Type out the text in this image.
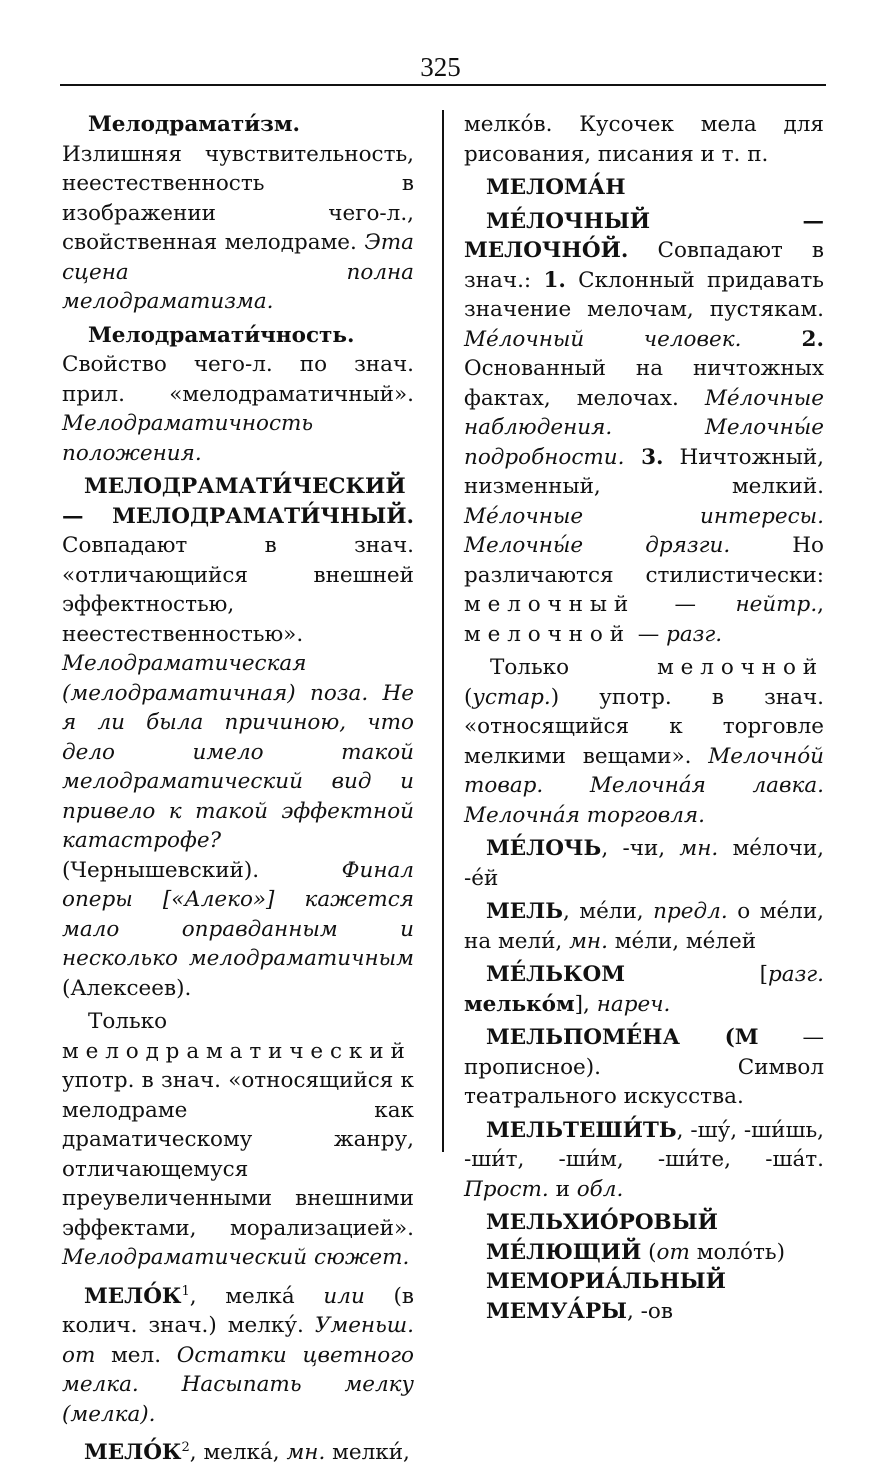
325

Мелодрамати́зм. Излишняя чувствительность, неестественность в изображении чего-л., свойственная мелодраме. Эта сцена полна мелодраматизма.

Мелодрамати́чность. Свойство чего-л. по знач. прил. «мелодраматичный». Мелодраматичность положения.

МЕЛОДРАМАТИ́ЧЕСКИЙ — МЕЛОДРАМАТИ́ЧНЫЙ. Совпадают в знач. «отличающийся внешней эффектностью, неестественностью». Мелодраматическая (мелодраматичная) поза. Не я ли была причиною, что дело имело такой мелодраматический вид и привело к такой эффектной катастрофе? (Чернышевский). Финал оперы [«Алеко»] кажется мало оправданным и несколько мелодраматичным (Алексеев).

Только мелодраматический употр. в знач. «относящийся к мелодраме как драматическому жанру, отличающемуся преувеличенными внешними эффектами, морализацией». Мелодраматический сюжет.

$МЕЛО́К^1$, мелка́ или (в колич. знач.) мелку́. Уменьш. от мел. Остатки цветного мелка. Насыпать мелку (мелка).

$МЕЛО́К^2$, мелка́, мн. мелки́,

мелко́в. Кусочек мела для рисования, писания и т. п.

МЕЛОМА́Н

МЕ́ЛОЧНЫЙ — МЕЛОЧНО́Й. Совпадают в знач.: 1. Склонный придавать значение мелочам, пустякам. Ме́лочный человек. 2. Основанный на ничтожных фактах, мелочах. Ме́лочные наблюдения. Мелочны́е подробности. 3. Ничтожный, низменный, мелкий. Ме́лочные интересы. Мелочны́е дрязги. Но различаются стилистически: мелочный — нейтр., мелочной — разг.

Только мелочной (устар.) употр. в знач. «относящийся к торговле мелкими вещами». Мелочно́й товар. Мелочна́я лавка. Мелочна́я торговля.

МЕ́ЛОЧЬ, -чи, мн. ме́лочи, -е́й

МЕЛЬ, ме́ли, предл. о ме́ли, на мели́, мн. ме́ли, ме́лей

МЕ́ЛЬКОМ [разг. мелько́м], нареч.

МЕЛЬПОМЕ́НА (М — прописное). Символ театрального искусства.

МЕЛЬТЕШИ́ТЬ, -шу́, -ши́шь, -ши́т, -ши́м, -ши́те, -ша́т. Прост. и обл.

МЕЛЬХИО́РОВЫЙ

МЕ́ЛЮЩИЙ (от моло́ть)

МЕМОРИА́ЛЬНЫЙ

МЕМУА́РЫ, -ов
